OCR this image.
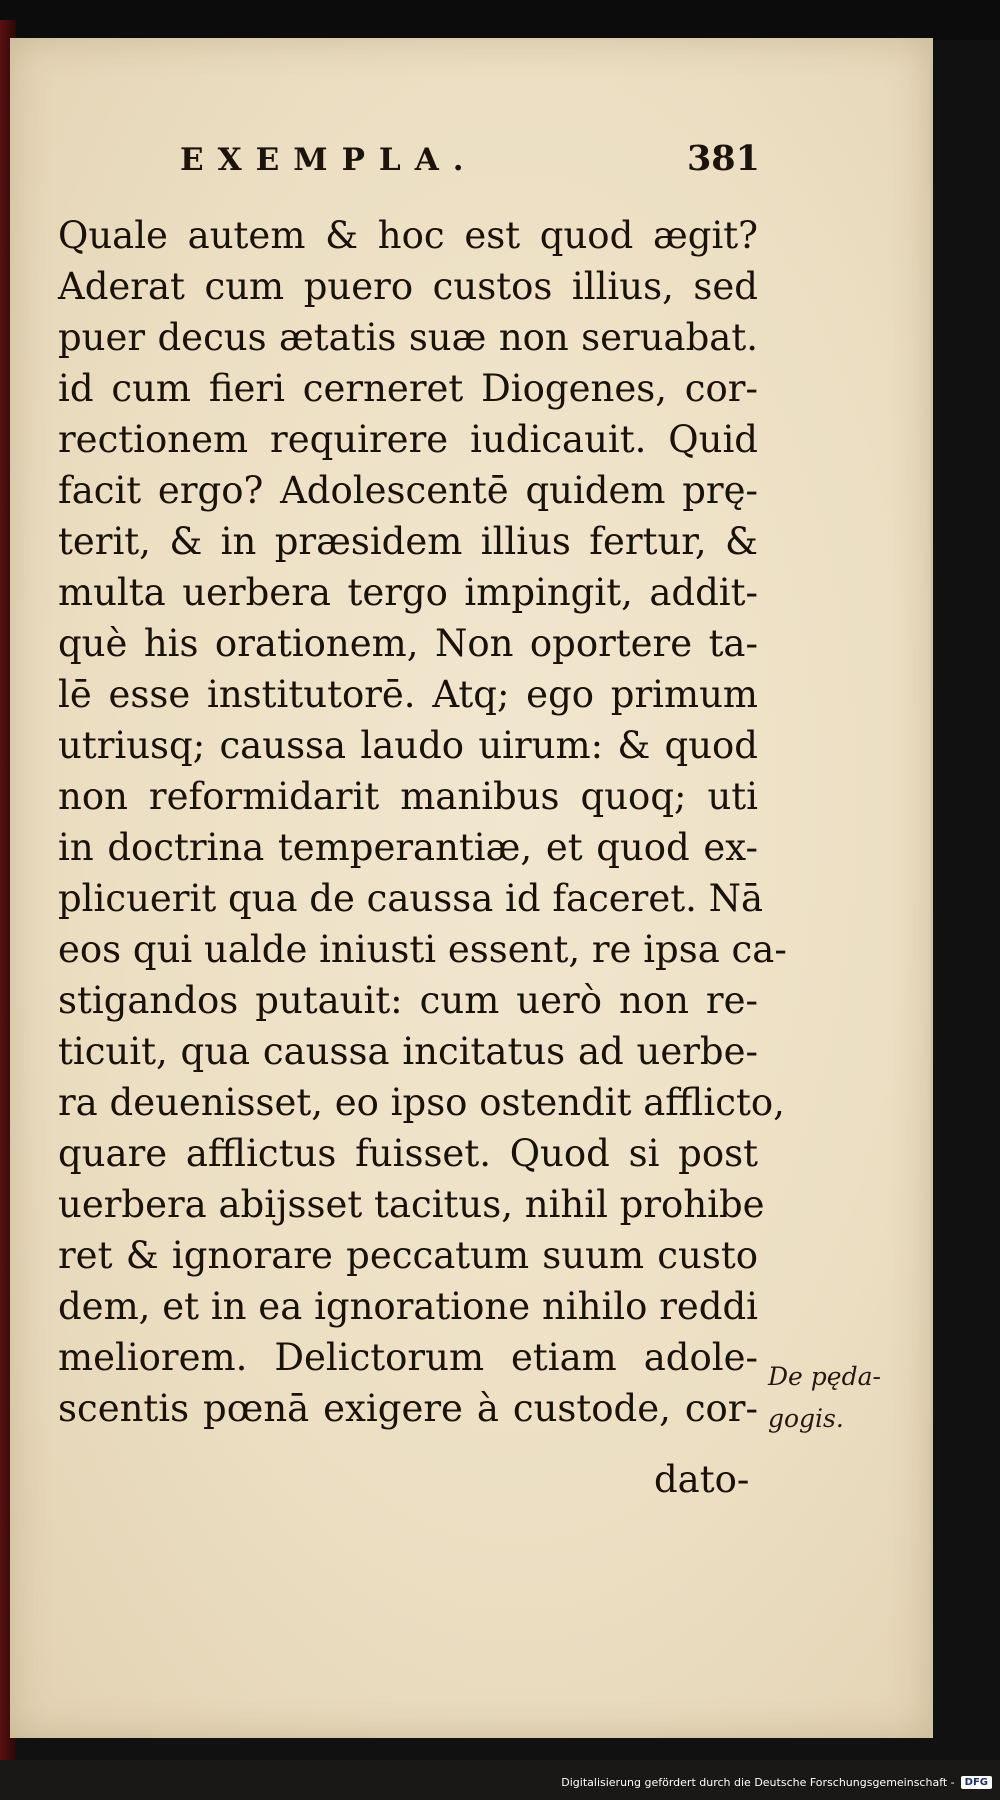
EXEMPLA.	381
Quale autem & hoc est quod ægit?
Aderat cum puero custos illius, sed
puer decus ætatis suæ non seruabat.
id cum fieri cerneret Diogenes, cor-
rectionem requirere iudicauit. Quid
facit ergo? Adolescentē quidem prę-
terit, & in præsidem illius fertur, &
multa uerbera tergo impingit, addit-
què his orationem, Non oportere ta-
lē esse institutorē. Atq; ego primum
utriusq; caussa laudo uirum: & quod
non reformidarit manibus quoq; uti
in doctrina temperantiæ, et quod ex-
plicuerit qua de caussa id faceret. Nā
eos qui ualde iniusti essent, re ipsa ca-
stigandos putauit: cum uerò non re-
ticuit, qua caussa incitatus ad uerbe-
ra deuenisset, eo ipso ostendit afflicto,
quare afflictus fuisset. Quod si post
uerbera abijsset tacitus, nihil prohibe
ret & ignorare peccatum suum custo
dem, et in ea ignoratione nihilo reddi
meliorem. Delictorum etiam adole-
scentis pœnā exigere à custode, cor-
De pęda-
gogis.
dato-
Digitalisierung gefördert durch die Deutsche Forschungsgemeinschaft -	DFG
